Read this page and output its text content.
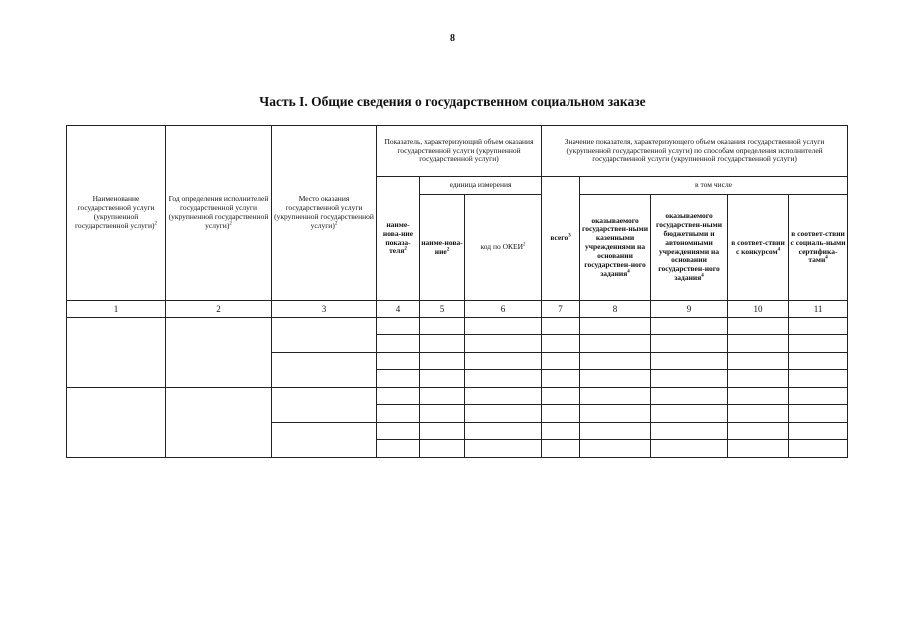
8
Часть I. Общие сведения о государственном социальном заказе
Наименование государственной услуги (укрупненной государственной услуги)$^2$	Год определения исполнителей государственной услуги (укрупненной государственной услуги)$^2$	Место оказания государственной услуги (укрупненной государственной услуги)$^2$	Показатель, характеризующий объем оказания государственной услуги (укрупненной государственной услуги)			Значение показателя, характеризующего объем оказания государственной услуги (укрупненной государственной услуги) по способам определения исполнителей государственной услуги (укрупненной государственной услуги)				
			наиме-нова-ние показа-теля$^2$	единица измерения		всего$^3$	в том числе			
				наиме-нова-ние$^2$	код по ОКЕИ$^2$		оказываемого государствен-ными казенными учреждениями на основании государствен-ного задания$^4$	оказываемого государствен-ными бюджетными и автономными учреждениями на основании государствен-ного задания$^4$	в соответ-ствии с конкурсом$^4$	в соответ-ствии с социаль-ными сертифика-тами$^4$
1	2	3	4	5	6	7	8	9	10	11
